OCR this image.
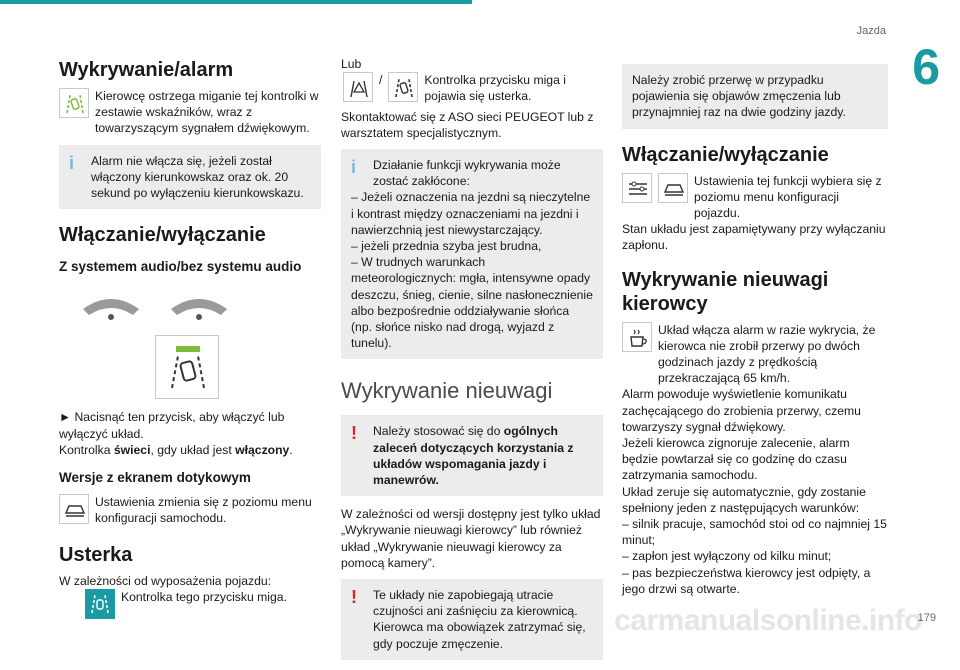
Jazda
6
carmanualsonline.info
179
Wykrywanie/alarm

Kierowcę ostrzega miganie tej kontrolki w zestawie wskaźników, wraz z towarzyszącym sygnałem dźwiękowym.

i Alarm nie włącza się, jeżeli został włączony kierunkowskaz oraz ok. 20 sekund po wyłączeniu kierunkowskazu.

Włączanie/wyłączanie
Z systemem audio/bez systemu audio

► Nacisnąć ten przycisk, aby włączyć lub wyłączyć układ.

Kontrolka świeci, gdy układ jest włączony.

Wersje z ekranem dotykowym

Ustawienia zmienia się z poziomu menu konfiguracji samochodu.

Usterka

W zależności od wyposażenia pojazdu:

Kontrolka tego przycisku miga.

Lub

/	Kontrolka przycisku miga i pojawia się usterka.

Skontaktować się z ASO sieci PEUGEOT lub z warsztatem specjalistycznym.

i Działanie funkcji wykrywania może zostać zakłócone:

– Jeżeli oznaczenia na jezdni są nieczytelne i kontrast między oznaczeniami na jezdni i nawierzchnią jest niewystarczający.

– jeżeli przednia szyba jest brudna,

– W trudnych warunkach meteorologicznych: mgła, intensywne opady deszczu, śnieg, cienie, silne nasłonecznienie albo bezpośrednie oddziaływanie słońca (np. słońce nisko nad drogą, wyjazd z tunelu).

Wykrywanie nieuwagi
! Należy stosować się do ogólnych zaleceń dotyczących korzystania z układów wspomagania jazdy i manewrów.

W zależności od wersji dostępny jest tylko układ „Wykrywanie nieuwagi kierowcy” lub również układ „Wykrywanie nieuwagi kierowcy za pomocą kamery”.

! Te układy nie zapobiegają utracie czujności ani zaśnięciu za kierownicą. Kierowca ma obowiązek zatrzymać się, gdy poczuje zmęczenie.

Należy zrobić przerwę w przypadku pojawienia się objawów zmęczenia lub przynajmniej raz na dwie godziny jazdy.

Włączanie/wyłączanie

Ustawienia tej funkcji wybiera się z poziomu menu konfiguracji pojazdu.

Stan układu jest zapamiętywany przy wyłączaniu zapłonu.

Wykrywanie nieuwagi kierowcy

Układ włącza alarm w razie wykrycia, że kierowca nie zrobił przerwy po dwóch godzinach jazdy z prędkością przekraczającą 65 km/h.

Alarm powoduje wyświetlenie komunikatu zachęcającego do zrobienia przerwy, czemu towarzyszy sygnał dźwiękowy.

Jeżeli kierowca zignoruje zalecenie, alarm będzie powtarzał się co godzinę do czasu zatrzymania samochodu.

Układ zeruje się automatycznie, gdy zostanie spełniony jeden z następujących warunków:

– silnik pracuje, samochód stoi od co najmniej 15 minut;

– zapłon jest wyłączony od kilku minut;

– pas bezpieczeństwa kierowcy jest odpięty, a jego drzwi są otwarte.
